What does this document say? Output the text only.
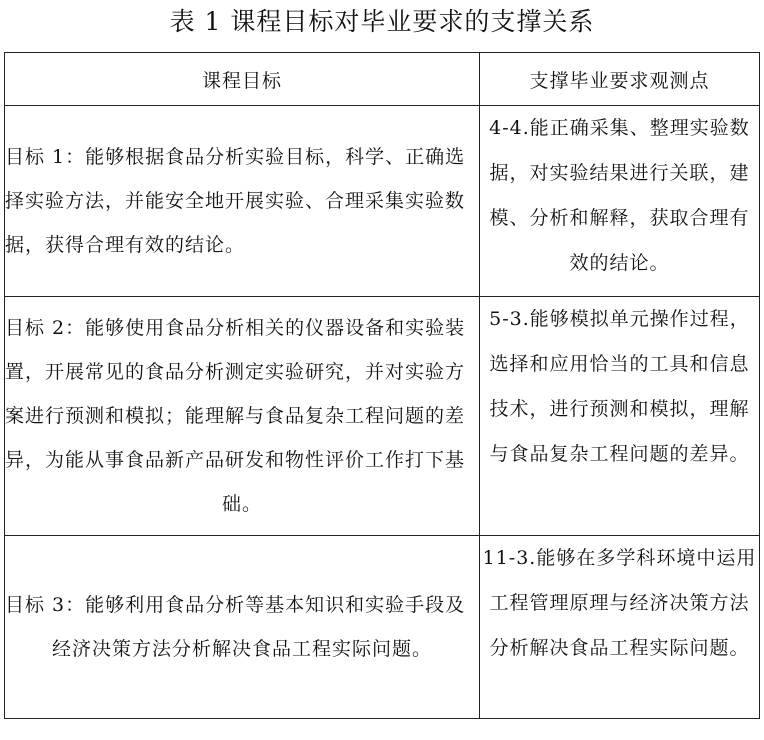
表 1 课程目标对毕业要求的支撑关系
课程目标	支撑毕业要求观测点
目标 1：能够根据食品分析实验目标，科学、正确选择实验方法，并能安全地开展实验、合理采集实验数据，获得合理有效的结论。	4-4.能正确采集、整理实验数据，对实验结果进行关联，建模、分析和解释，获取合理有效的结论。
目标 2：能够使用食品分析相关的仪器设备和实验装置，开展常见的食品分析测定实验研究，并对实验方案进行预测和模拟；能理解与食品复杂工程问题的差异，为能从事食品新产品研发和物性评价工作打下基础。	5-3.能够模拟单元操作过程，选择和应用恰当的工具和信息技术，进行预测和模拟，理解与食品复杂工程问题的差异。
目标 3：能够利用食品分析等基本知识和实验手段及经济决策方法分析解决食品工程实际问题。	11-3.能够在多学科环境中运用工程管理原理与经济决策方法分析解决食品工程实际问题。
